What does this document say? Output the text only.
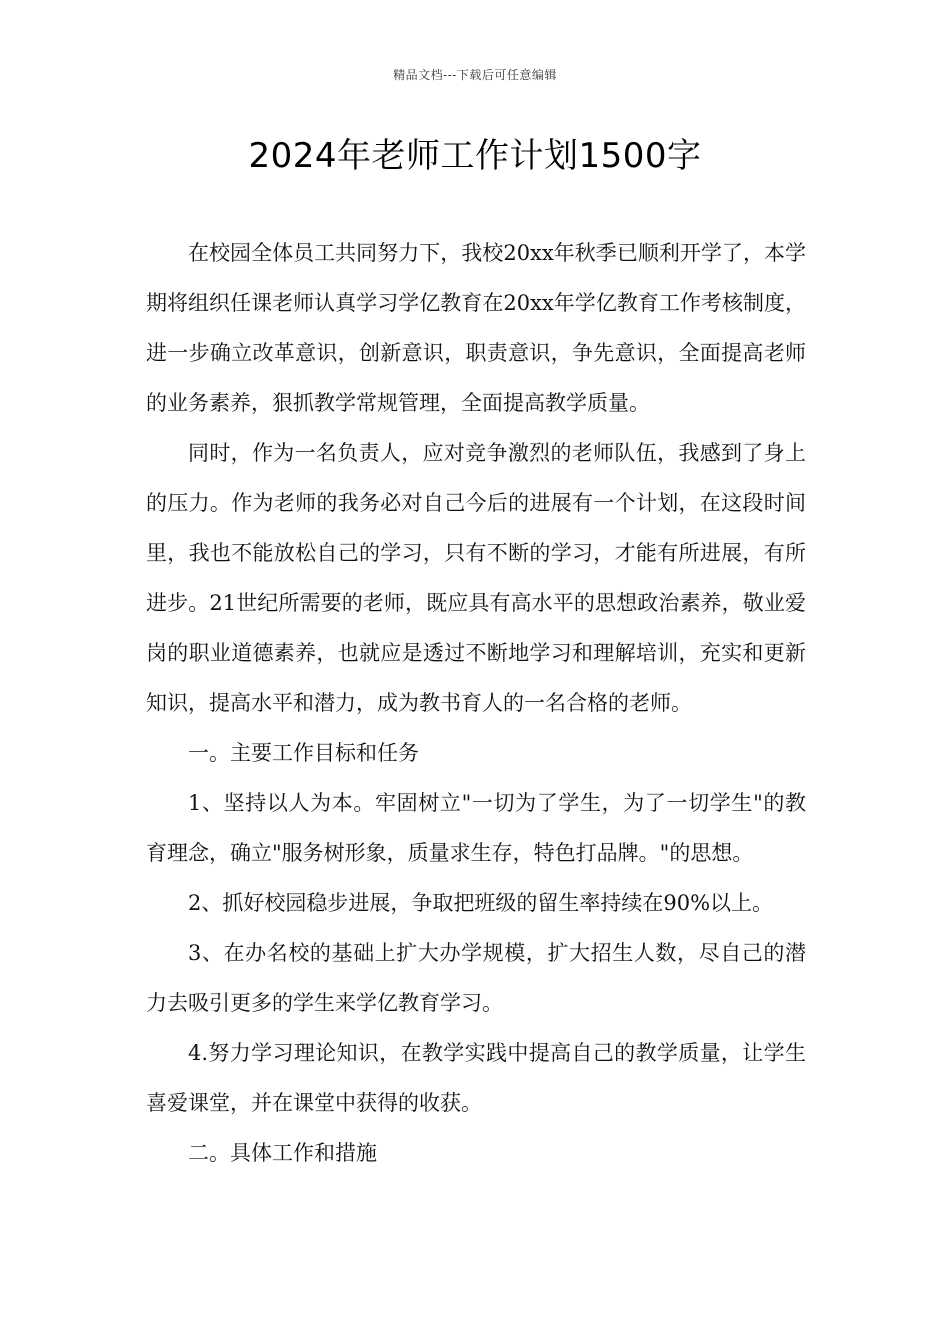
精品文档---下载后可任意编辑
2024年老师工作计划1500字

在校园全体员工共同努力下，我校20xx年秋季已顺利开学了，本学期将组织任课老师认真学习学亿教育在20xx年学亿教育工作考核制度，进一步确立改革意识，创新意识，职责意识，争先意识，全面提高老师的业务素养，狠抓教学常规管理，全面提高教学质量。

同时，作为一名负责人，应对竞争激烈的老师队伍，我感到了身上的压力。作为老师的我务必对自己今后的进展有一个计划，在这段时间里，我也不能放松自己的学习，只有不断的学习，才能有所进展，有所进步。21世纪所需要的老师，既应具有高水平的思想政治素养，敬业爱岗的职业道德素养，也就应是透过不断地学习和理解培训，充实和更新知识，提高水平和潜力，成为教书育人的一名合格的老师。

一。主要工作目标和任务

1、坚持以人为本。牢固树立"一切为了学生，为了一切学生"的教育理念，确立"服务树形象，质量求生存，特色打品牌。"的思想。

2、抓好校园稳步进展，争取把班级的留生率持续在90%以上。

3、在办名校的基础上扩大办学规模，扩大招生人数，尽自己的潜力去吸引更多的学生来学亿教育学习。

4.努力学习理论知识，在教学实践中提高自己的教学质量，让学生喜爱课堂，并在课堂中获得的收获。

二。具体工作和措施
